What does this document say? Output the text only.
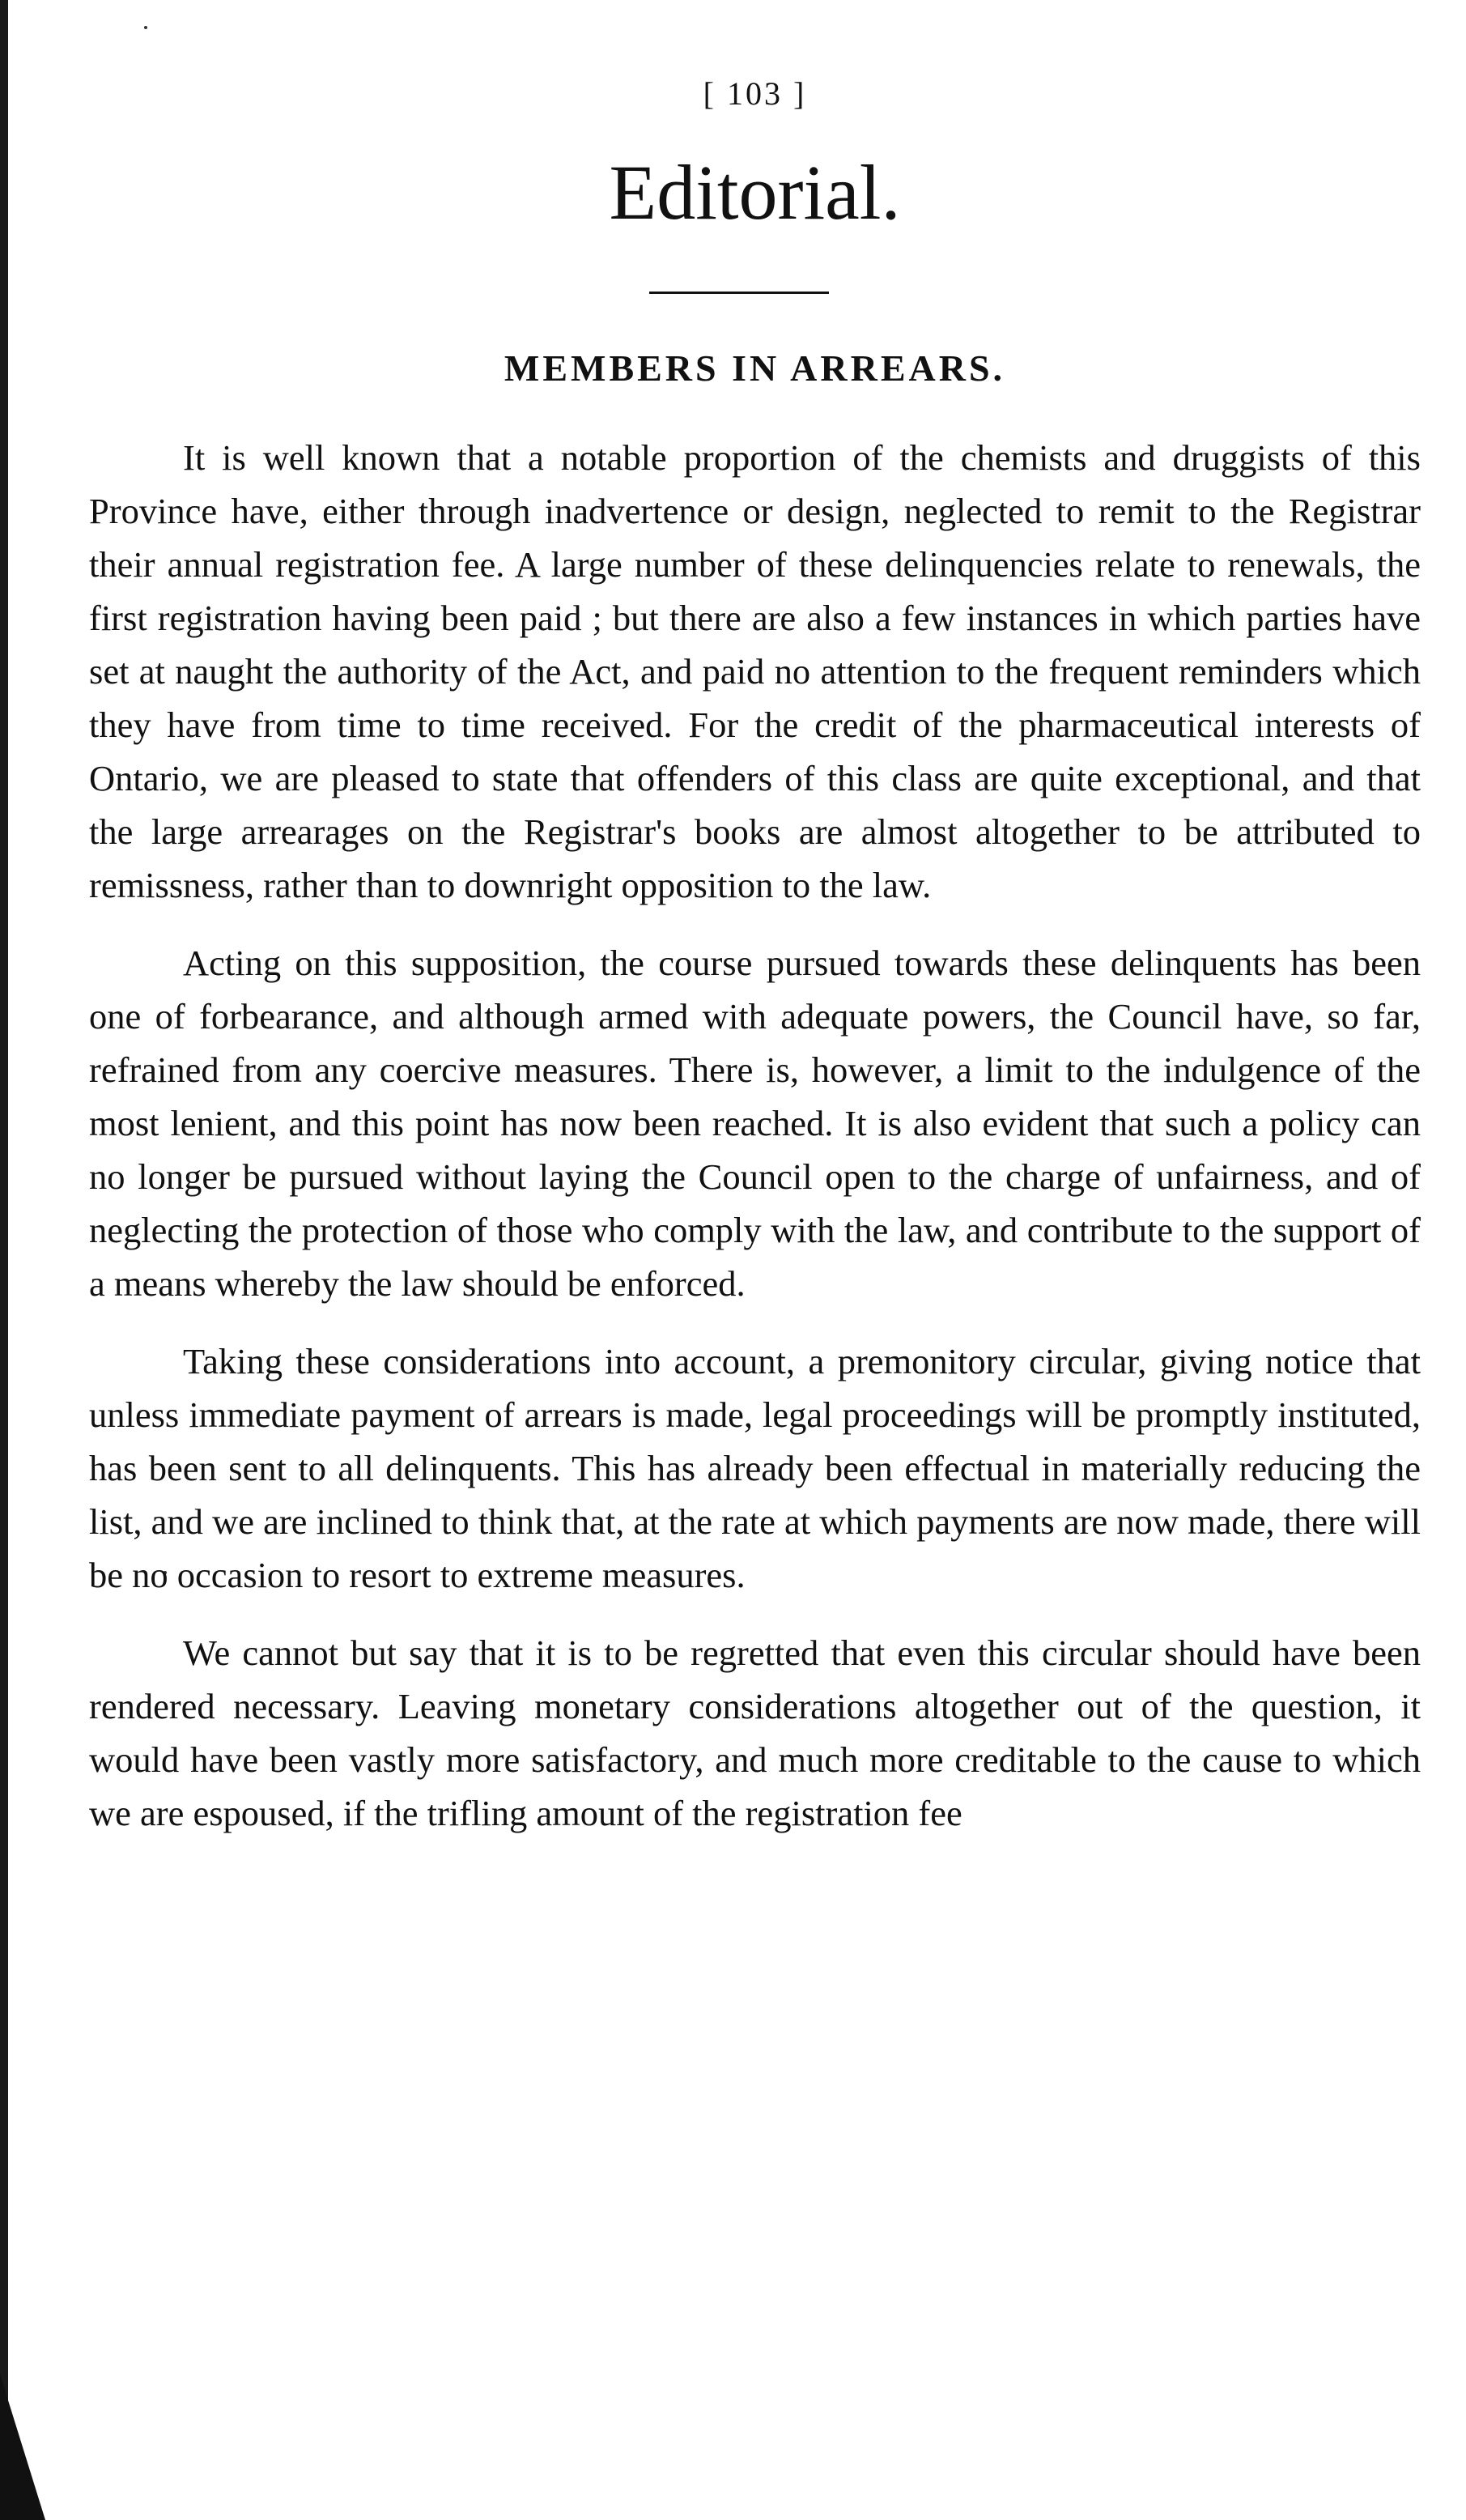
[ 103 ]
Editorial.
MEMBERS IN ARREARS.

It is well known that a notable proportion of the chemists and druggists of this Province have, either through inadvertence or design, neglected to remit to the Registrar their annual registration fee. A large number of these delinquencies relate to renewals, the first registration having been paid ; but there are also a few instances in which parties have set at naught the authority of the Act, and paid no attention to the frequent reminders which they have from time to time received. For the credit of the pharmaceutical interests of Ontario, we are pleased to state that offenders of this class are quite exceptional, and that the large arrearages on the Registrar's books are almost altogether to be attributed to remissness, rather than to downright opposition to the law.

Acting on this supposition, the course pursued towards these delinquents has been one of forbearance, and although armed with adequate powers, the Council have, so far, refrained from any coercive measures. There is, however, a limit to the indulgence of the most lenient, and this point has now been reached. It is also evident that such a policy can no longer be pursued without laying the Council open to the charge of unfairness, and of neglecting the protection of those who comply with the law, and contribute to the support of a means whereby the law should be enforced.

Taking these considerations into account, a premonitory circular, giving notice that unless immediate payment of arrears is made, legal proceedings will be promptly instituted, has been sent to all delinquents. This has already been effectual in materially reducing the list, and we are inclined to think that, at the rate at which payments are now made, there will be no occasion to resort to extreme measures.

We cannot but say that it is to be regretted that even this circular should have been rendered necessary. Leaving monetary considerations altogether out of the question, it would have been vastly more satisfactory, and much more creditable to the cause to which we are espoused, if the trifling amount of the registration fee
